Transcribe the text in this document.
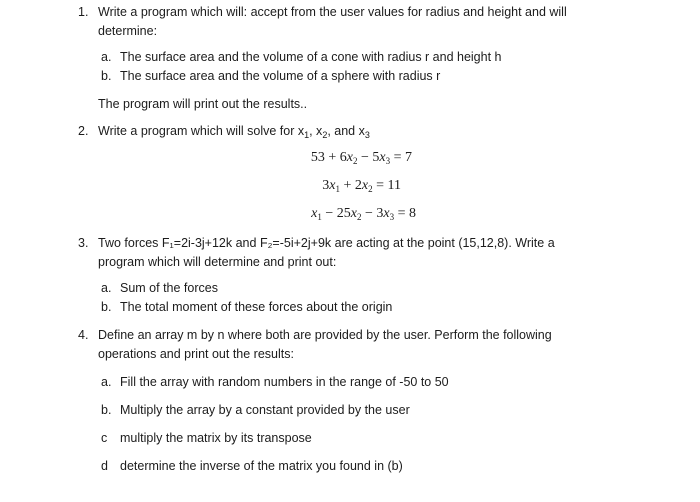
1. Write a program which will: accept from the user values for radius and height and will
determine:
a. The surface area and the volume of a cone with radius r and height h
b. The surface area and the volume of a sphere with radius r
The program will print out the results..
2. Write a program which will solve for $x_1$, $x_2$, and $x_3$
$53 + 6x_2 - 5x_3 = 7$
$3x_1 + 2x_2 = 11$
$x_1 - 25x_2 - 3x_3 = 8$
3. Two forces F₁=2i-3j+12k and F₂=-5i+2j+9k are acting at the point (15,12,8). Write a
program which will determine and print out:
a. Sum of the forces
b. The total moment of these forces about the origin
4. Define an array m by n where both are provided by the user. Perform the following
operations and print out the results:
a. Fill the array with random numbers in the range of -50 to 50
b. Multiply the array by a constant provided by the user
c multiply the matrix by its transpose
d determine the inverse of the matrix you found in (b)
